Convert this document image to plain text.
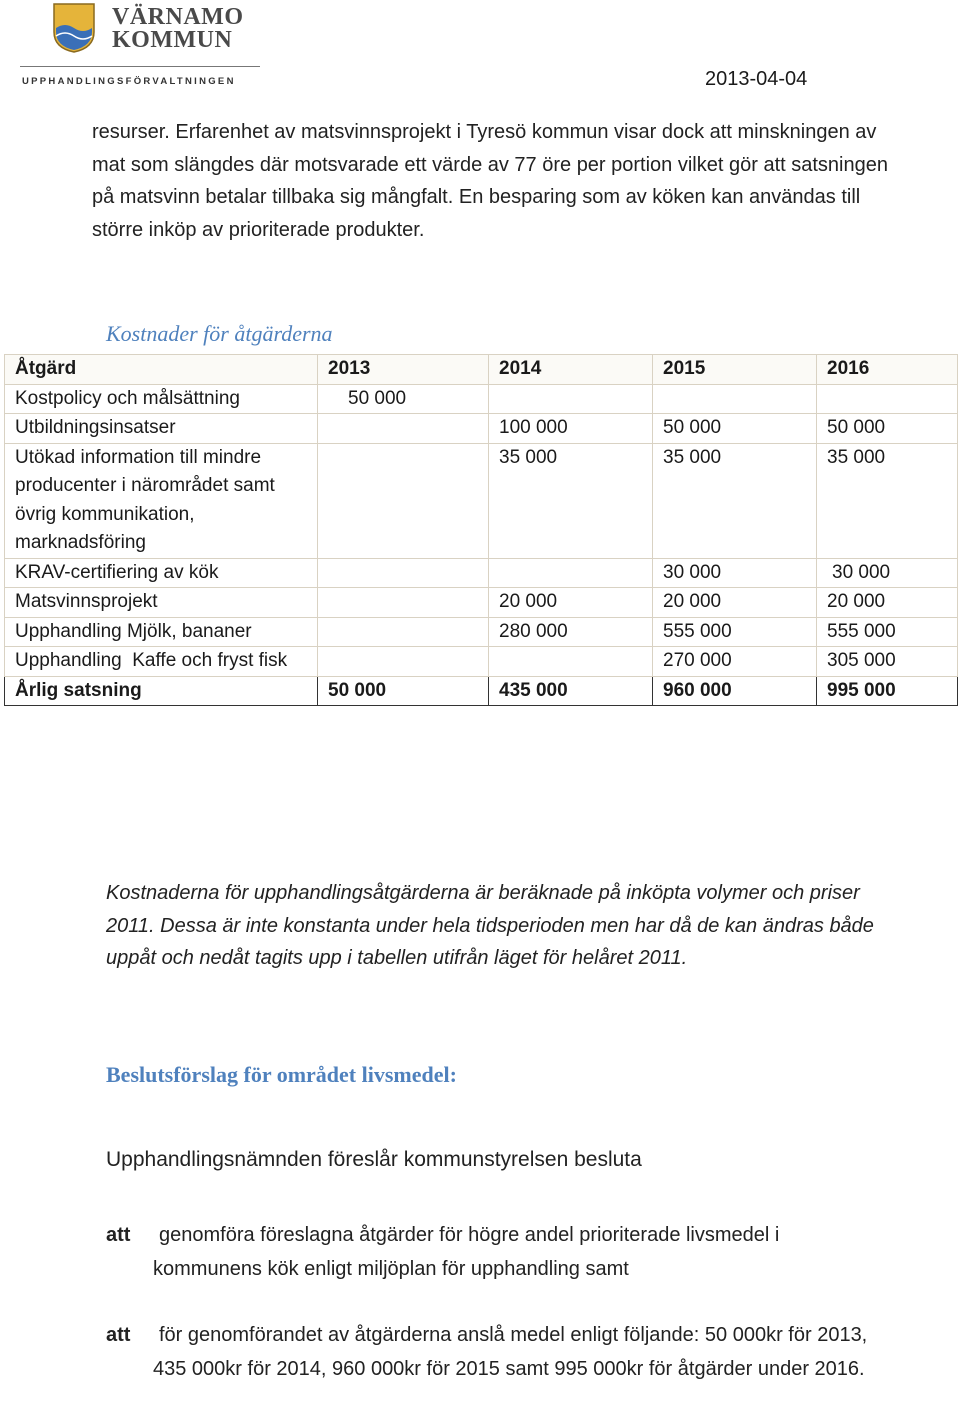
VÄRNAMO
KOMMUN
UPPHANDLINGSFÖRVALTNINGEN	2013-04-04

resurser. Erfarenhet av matsvinnsprojekt i Tyresö kommun visar dock att minskningen av mat som slängdes där motsvarade ett värde av 77 öre per portion vilket gör att satsningen på matsvinn betalar tillbaka sig mångfalt. En besparing som av köken kan användas till större inköp av prioriterade produkter.

Kostnader för åtgärderna
Åtgärd	2013	2014	2015	2016
Kostpolicy och målsättning	50 000			
Utbildningsinsatser		100 000	50 000	50 000
Utökad information till mindre producenter i närområdet samt övrig kommunikation, marknadsföring		35 000	35 000	35 000
KRAV-certifiering av kök			30 000	30 000
Matsvinnsprojekt		20 000	20 000	20 000
Upphandling Mjölk, bananer		280 000	555 000	555 000
Upphandling  Kaffe och fryst fisk			270 000	305 000
Årlig satsning	50 000	435 000	960 000	995 000
Kostnaderna för upphandlingsåtgärderna är beräknade på inköpta volymer och priser 2011. Dessa är inte konstanta under hela tidsperioden men har då de kan ändras både uppåt och nedåt tagits upp i tabellen utifrån läget för helåret 2011.
Beslutsförslag för området livsmedel:
Upphandlingsnämnden föreslår kommunstyrelsen besluta
att	genomföra föreslagna åtgärder för högre andel prioriterade livsmedel i kommunens kök enligt miljöplan för upphandling samt
att	för genomförandet av åtgärderna anslå medel enligt följande: 50 000kr för 2013, 435 000kr för 2014, 960 000kr för 2015 samt 995 000kr för åtgärder under 2016.
